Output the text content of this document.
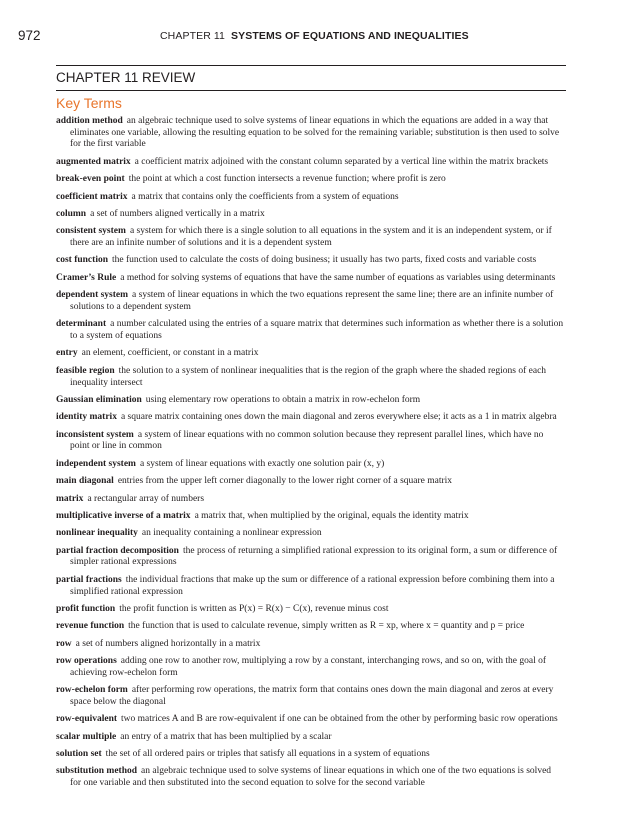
972	CHAPTER 11 SYSTEMS OF EQUATIONS AND INEQUALITIES
CHAPTER 11 REVIEW
Key Terms

addition method an algebraic technique used to solve systems of linear equations in which the equations are added in a way that eliminates one variable, allowing the resulting equation to be solved for the remaining variable; substitution is then used to solve for the first variable

augmented matrix a coefficient matrix adjoined with the constant column separated by a vertical line within the matrix brackets

break-even point the point at which a cost function intersects a revenue function; where profit is zero

coefficient matrix a matrix that contains only the coefficients from a system of equations

column a set of numbers aligned vertically in a matrix

consistent system a system for which there is a single solution to all equations in the system and it is an independent system, or if there are an infinite number of solutions and it is a dependent system

cost function the function used to calculate the costs of doing business; it usually has two parts, fixed costs and variable costs

Cramer’s Rule a method for solving systems of equations that have the same number of equations as variables using determinants

dependent system a system of linear equations in which the two equations represent the same line; there are an infinite number of solutions to a dependent system

determinant a number calculated using the entries of a square matrix that determines such information as whether there is a solution to a system of equations

entry an element, coefficient, or constant in a matrix

feasible region the solution to a system of nonlinear inequalities that is the region of the graph where the shaded regions of each inequality intersect

Gaussian elimination using elementary row operations to obtain a matrix in row-echelon form

identity matrix a square matrix containing ones down the main diagonal and zeros everywhere else; it acts as a 1 in matrix algebra

inconsistent system a system of linear equations with no common solution because they represent parallel lines, which have no point or line in common

independent system a system of linear equations with exactly one solution pair (x, y)

main diagonal entries from the upper left corner diagonally to the lower right corner of a square matrix

matrix a rectangular array of numbers

multiplicative inverse of a matrix a matrix that, when multiplied by the original, equals the identity matrix

nonlinear inequality an inequality containing a nonlinear expression

partial fraction decomposition the process of returning a simplified rational expression to its original form, a sum or difference of simpler rational expressions

partial fractions the individual fractions that make up the sum or difference of a rational expression before combining them into a simplified rational expression

profit function the profit function is written as P(x) = R(x) − C(x), revenue minus cost

revenue function the function that is used to calculate revenue, simply written as R = xp, where x = quantity and p = price

row a set of numbers aligned horizontally in a matrix

row operations adding one row to another row, multiplying a row by a constant, interchanging rows, and so on, with the goal of achieving row-echelon form

row-echelon form after performing row operations, the matrix form that contains ones down the main diagonal and zeros at every space below the diagonal

row-equivalent two matrices A and B are row-equivalent if one can be obtained from the other by performing basic row operations

scalar multiple an entry of a matrix that has been multiplied by a scalar

solution set the set of all ordered pairs or triples that satisfy all equations in a system of equations

substitution method an algebraic technique used to solve systems of linear equations in which one of the two equations is solved for one variable and then substituted into the second equation to solve for the second variable
